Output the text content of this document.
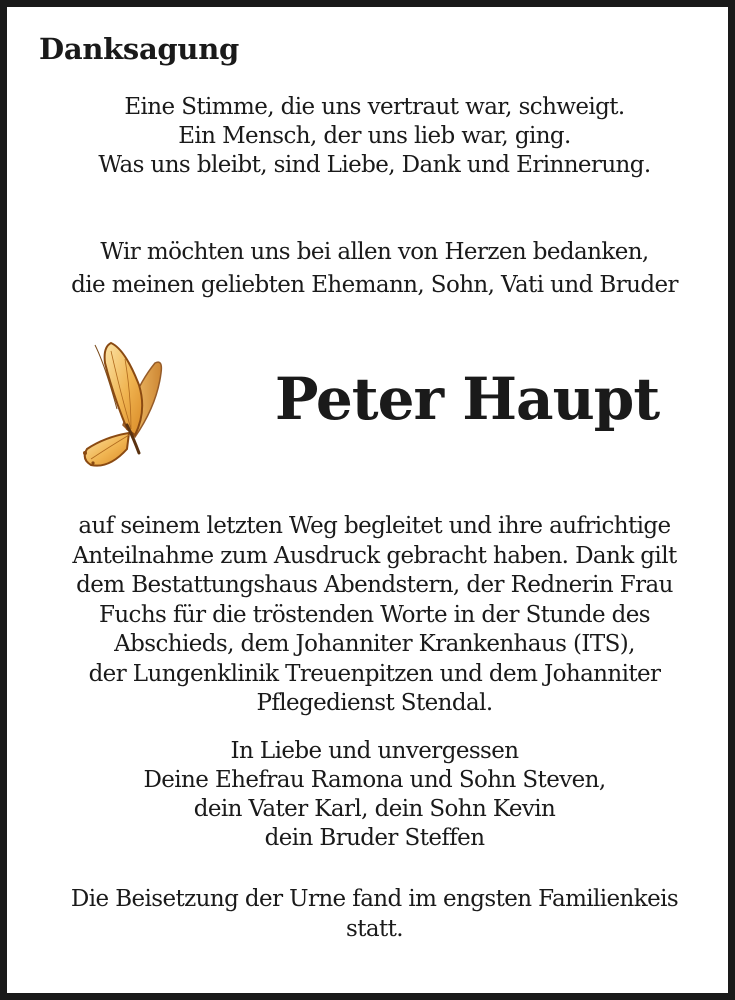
Danksagung
Eine Stimme, die uns vertraut war, schweigt.
Ein Mensch, der uns lieb war, ging.
Was uns bleibt, sind Liebe, Dank und Erinnerung.
Wir möchten uns bei allen von Herzen bedanken,
die meinen geliebten Ehemann, Sohn, Vati und Bruder
Peter Haupt
auf seinem letzten Weg begleitet und ihre aufrichtige
Anteilnahme zum Ausdruck gebracht haben. Dank gilt
dem Bestattungshaus Abendstern, der Rednerin Frau
Fuchs für die tröstenden Worte in der Stunde des
Abschieds, dem Johanniter Krankenhaus (ITS),
der Lungenklinik Treuenpitzen und dem Johanniter
Pflegedienst Stendal.
In Liebe und unvergessen
Deine Ehefrau Ramona und Sohn Steven,
dein Vater Karl, dein Sohn Kevin
dein Bruder Steffen
Die Beisetzung der Urne fand im engsten Familienkeis
statt.
